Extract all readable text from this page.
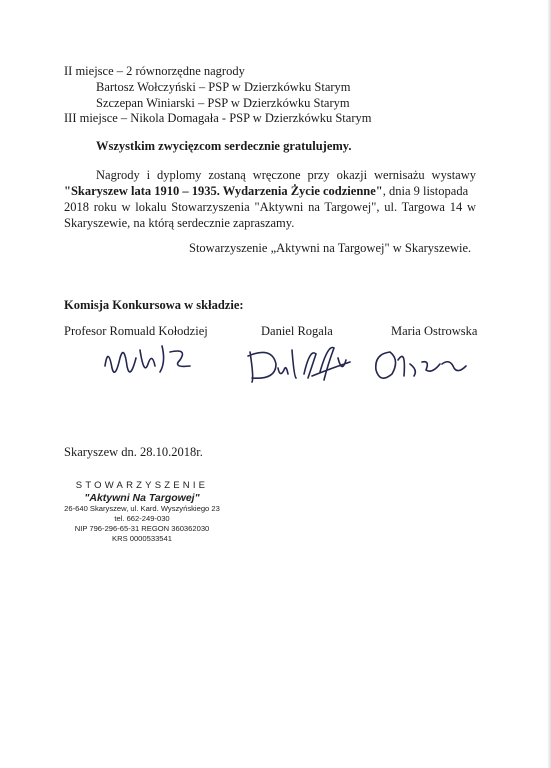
II miejsce – 2 równorzędne nagrody
Bartosz Wołczyński – PSP w Dzierzkówku Starym
Szczepan Winiarski – PSP w Dzierzkówku Starym
III miejsce – Nikola Domagała - PSP w Dzierzkówku Starym
Wszystkim zwycięzcom serdecznie gratulujemy.
Nagrody i dyplomy zostaną wręczone przy okazji wernisażu wystawy
"Skaryszew lata 1910 – 1935. Wydarzenia Życie codzienne", dnia 9 listopada
2018 roku w lokalu Stowarzyszenia "Aktywni na Targowej", ul. Targowa 14 w
Skaryszewie, na którą serdecznie zapraszamy.
Stowarzyszenie „Aktywni na Targowej" w Skaryszewie.
Komisja Konkursowa w składzie:
Profesor Romuald Kołodziej	Daniel Rogala	Maria Ostrowska
Skaryszew dn. 28.10.2018r.
STOWARZYSZENIE
"Aktywni Na Targowej"
26-640 Skaryszew, ul. Kard. Wyszyńskiego 23
tel. 662-249-030
NIP 796-296-65-31 REGON 360362030
KRS 0000533541
